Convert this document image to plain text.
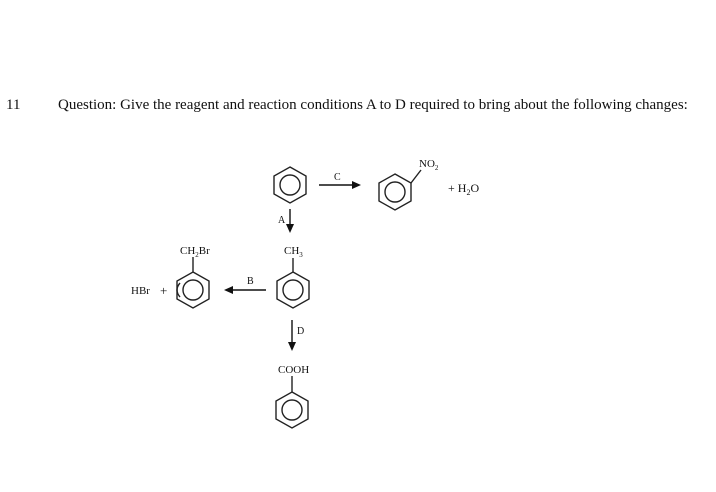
11	Question: Give the reagent and reaction conditions A to D required to bring about the following changes:
C
A
B
D
$NO_2$
$CH_2Br$	$CH_3$
COOH
+ $H_2O$
HBr +
